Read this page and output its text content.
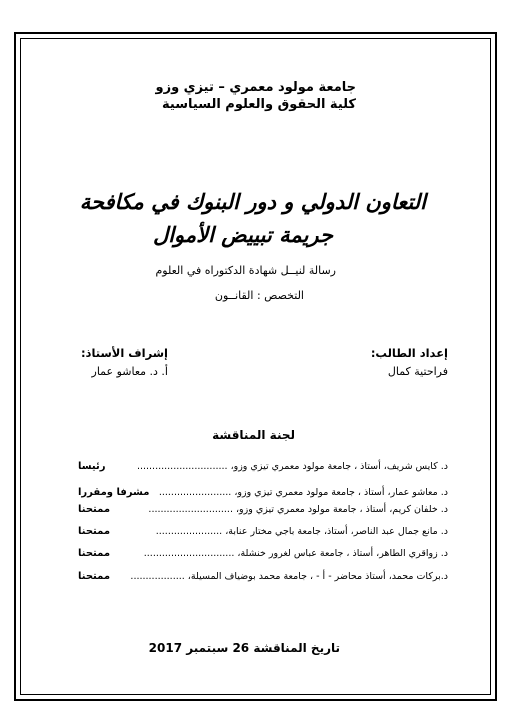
جامعة مولود معمري – تيزي وزو
كلية الحقوق والعلوم السياسية
التعاون الدولي و دور البنوك في مكافحة
جريمة تبييض الأموال
رسالة لنيــل شهادة الدكتوراه في العلوم
التخصص : القانــون
إعداد الطالب:
فراحتية كمال
إشراف الأستاذ:
أ. د. معاشو عمار
لجنة المناقشة
د. كايس شريف، أستاذ ، جامعة مولود معمري تيزي وزو، ..............................
رئيسا
د. معاشو عمار، أستاذ ، جامعة مولود معمري تيزي وزو، ........................
مشرفا ومقررا
د. خلفان كريم، أستاذ ، جامعة مولود معمري تيزي وزو، ............................
ممتحنا
د. مانع جمال عبد الناصر، أستاذ، جامعة باجي مختار عنابة، ......................
ممتحنا
د. زواقري الطاهر، أستاذ ، جامعة عباس لغرور خنشلة، ..............................
ممتحنا
د.بركات محمد، أستاذ محاضر - أ - ، جامعة محمد بوضياف المسيلة، ..................
ممتحنا
تاريخ المناقشة 26 سبتمبر 2017
